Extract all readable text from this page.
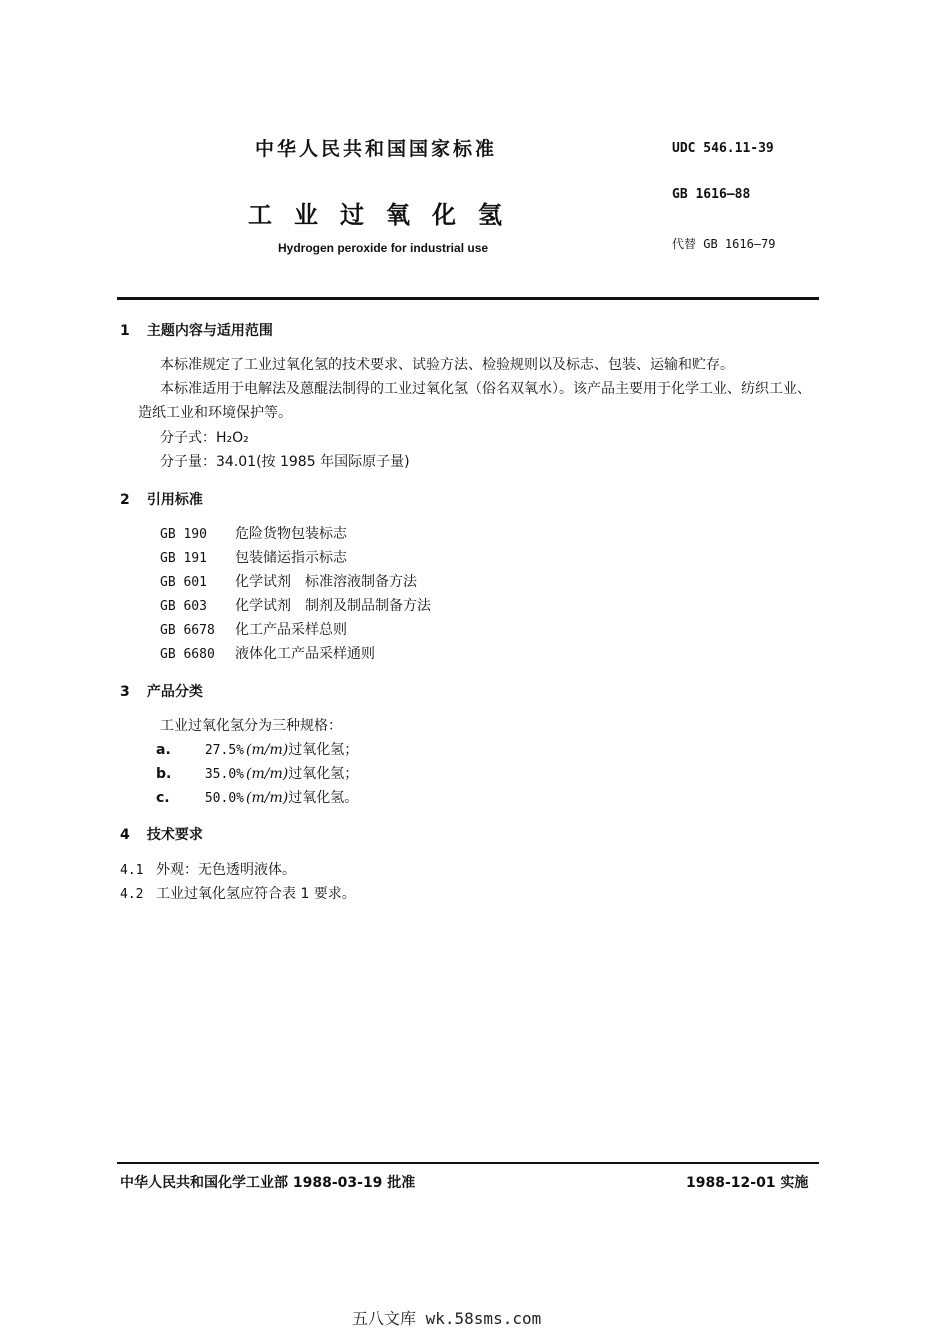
中华人民共和国国家标准
工业过氧化氢
Hydrogen peroxide for industrial use
UDC 546.11-39
GB 1616—88
代替 GB 1616—79
1 主题内容与适用范围
本标准规定了工业过氧化氢的技术要求、试验方法、检验规则以及标志、包装、运输和贮存。
本标准适用于电解法及蒽醌法制得的工业过氧化氢（俗名双氧水）。该产品主要用于化学工业、纺织工业、造纸工业和环境保护等。
分子式：H₂O₂
分子量：34.01(按 1985 年国际原子量)
2 引用标准
GB 190 危险货物包装标志
GB 191 包装储运指示标志
GB 601 化学试剂　标准溶液制备方法
GB 603 化学试剂　制剂及制品制备方法
GB 6678 化工产品采样总则
GB 6680 液体化工产品采样通则
3 产品分类
工业过氧化氢分为三种规格：
a.	27.5% (m/m)过氧化氢；
b.	35.0% (m/m)过氧化氢；
c.	50.0% (m/m)过氧化氢。
4 技术要求
4.1 外观：无色透明液体。
4.2 工业过氧化氢应符合表 1 要求。
中华人民共和国化学工业部 1988-03-19 批准	1988-12-01 实施
五八文库 wk.58sms.com
